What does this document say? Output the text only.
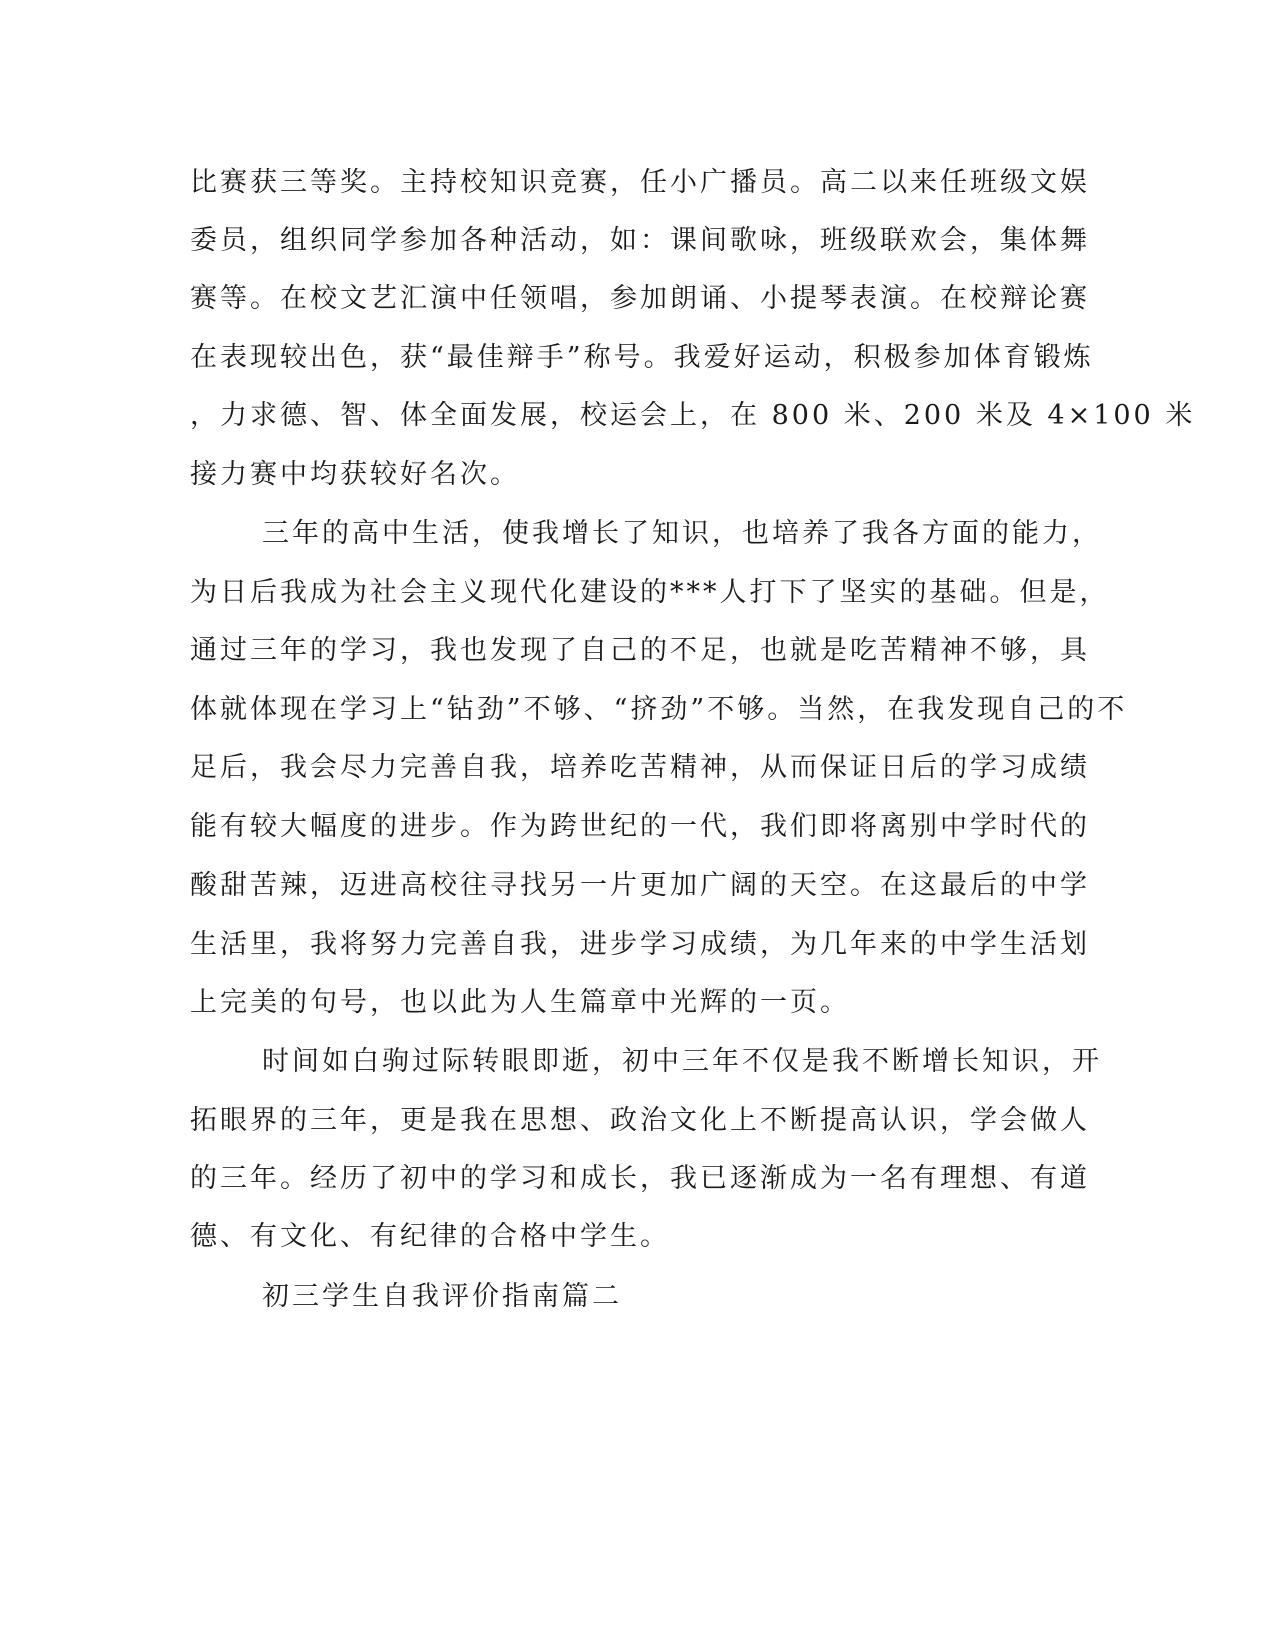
比赛获三等奖。主持校知识竞赛，任小广播员。高二以来任班级文娱
委员，组织同学参加各种活动，如：课间歌咏，班级联欢会，集体舞
赛等。在校文艺汇演中任领唱，参加朗诵、小提琴表演。在校辩论赛
在表现较出色，获“最佳辩手”称号。我爱好运动，积极参加体育锻炼
，力求德、智、体全面发展，校运会上，在 800 米、200 米及 4×100 米
接力赛中均获较好名次。
三年的高中生活，使我增长了知识，也培养了我各方面的能力，
为日后我成为社会主义现代化建设的***人打下了坚实的基础。但是，
通过三年的学习，我也发现了自己的不足，也就是吃苦精神不够，具
体就体现在学习上“钻劲”不够、“挤劲”不够。当然，在我发现自己的不
足后，我会尽力完善自我，培养吃苦精神，从而保证日后的学习成绩
能有较大幅度的进步。作为跨世纪的一代，我们即将离别中学时代的
酸甜苦辣，迈进高校往寻找另一片更加广阔的天空。在这最后的中学
生活里，我将努力完善自我，进步学习成绩，为几年来的中学生活划
上完美的句号，也以此为人生篇章中光辉的一页。
时间如白驹过际转眼即逝，初中三年不仅是我不断增长知识，开
拓眼界的三年，更是我在思想、政治文化上不断提高认识，学会做人
的三年。经历了初中的学习和成长，我已逐渐成为一名有理想、有道
德、有文化、有纪律的合格中学生。
初三学生自我评价指南篇二
